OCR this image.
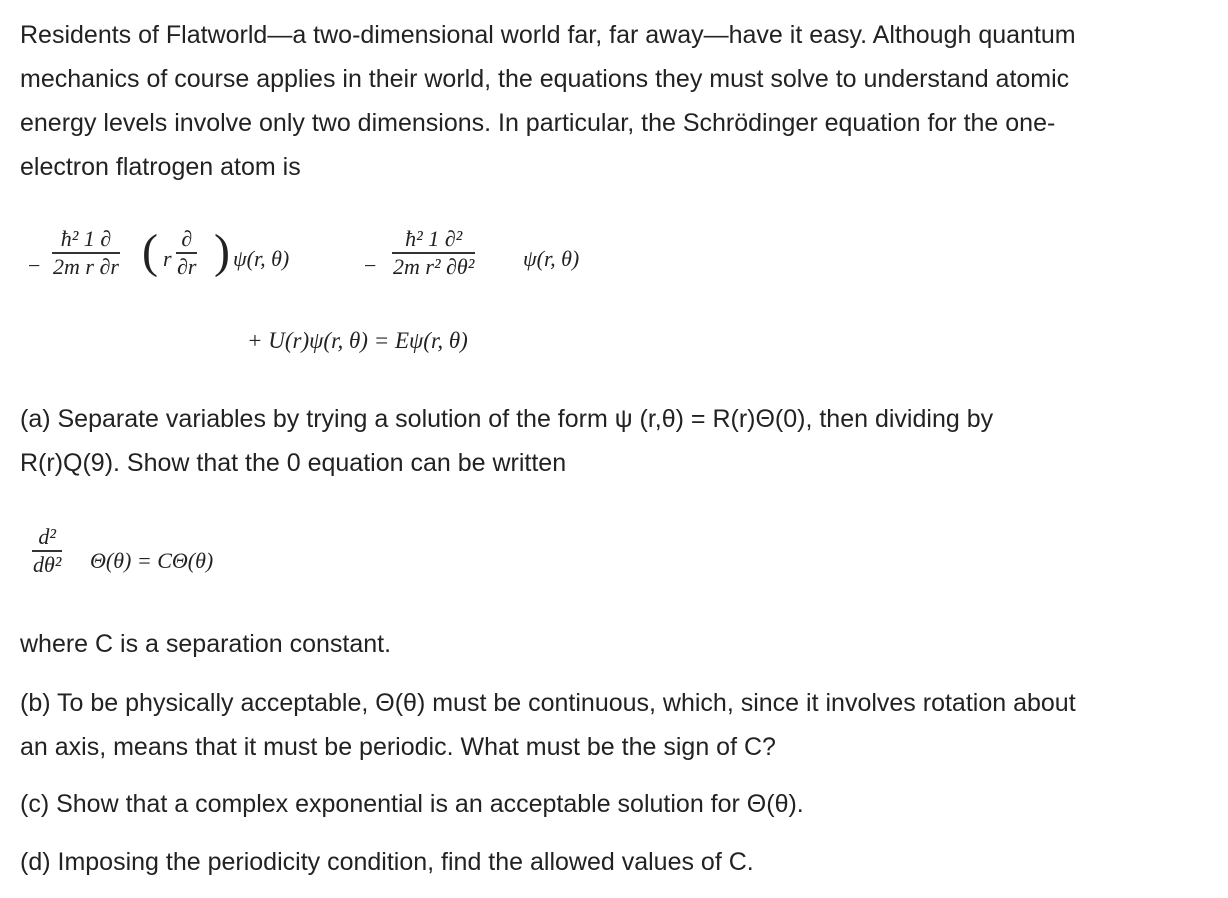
Residents of Flatworld—a two-dimensional world far, far away—have it easy. Although quantum
mechanics of course applies in their world, the equations they must solve to understand atomic
energy levels involve only two dimensions. In particular, the Schrödinger equation for the one-
electron flatrogen atom is
−
ħ² 1 ∂
2m r ∂r ( r
∂
∂r ) ψ(r, θ)	−
ħ² 1 ∂²
2m r² ∂θ² ψ(r, θ)
+ U(r)ψ(r, θ) = Eψ(r, θ)
(a) Separate variables by trying a solution of the form ψ (r,θ) = R(r)Θ(0), then dividing by
R(r)Q(9). Show that the 0 equation can be written
d²
dθ² Θ(θ) = CΘ(θ)
where C is a separation constant.
(b) To be physically acceptable, Θ(θ) must be continuous, which, since it involves rotation about
an axis, means that it must be periodic. What must be the sign of C?
(c) Show that a complex exponential is an acceptable solution for Θ(θ).
(d) Imposing the periodicity condition, find the allowed values of C.
